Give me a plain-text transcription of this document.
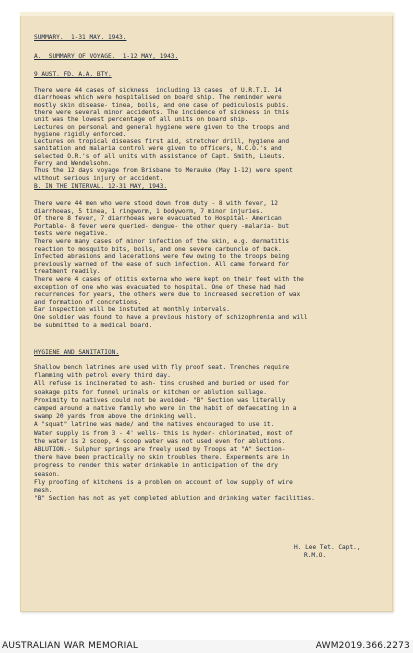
SUMMARY.  1-31 MAY. 1943.
A.  SUMMARY OF VOYAGE.  1-12 MAY, 1943.
9 AUST. FD. A.A. BTY.
There were 44 cases of sickness  including 13 cases  of U.R.T.I. 14
diarrhoeas which were hospitalised on board ship. The reminder were
mostly skin disease- tinea, boils, and one case of pediculosis pubis.
there were several minor accidents. The incidence of sickness in this
unit was the lowest percentage of all units on board ship.
Lectures on personal and general hygiene were given to the troops and
hygiene rigidly enforced.
Lectures on tropical diseases first aid, stretcher drill, hygiene and
sanitation and malaria control were given to officers, N.C.O.'s and
selected O.R.'s of all units with assistance of Capt. Smith, Lieuts.
Ferry and Wendelsohn.
Thus the 12 days voyage from Brisbane to Merauke (May 1-12) were spent
without serious injury or accident.
B. IN THE INTERVAL. 12-31 MAY, 1943.
There were 44 men who were stood down from duty - 8 with fever, 12
diarrhoeas, 5 tinea, 1 ringworm, 1 bodyworm, 7 minor injuries.
Of there 8 fever, 7 diarrhoeas were evacuated to Hospital- American
Portable- 8 fever were queried- dengue- the other query -malaria- but
tests were negative.
There were many cases of minor infection of the skin, e.g. dermatitis
reaction to mosquito bits, boils, and one severe carbuncle of back.
Infected abrasions and lacerations were few owing to the troops being
previously warned of the ease of such infection. All came forward for
treatment readily.
There were 4 cases of otitis externa who were kept on their feet with the
exception of one who was evacuated to hospital. One of these had had
recurrences for years, the others were due to increased secretion of wax
and formation of concretions.
Ear inspection will be instuted at monthly intervals.
One soldier was found to have a previous history of schizophrenia and will
be submitted to a medical board.
HYGIENE AND SANITATION.
Shallow bench latrines are used with fly proof seat. Trenches require
flamming with petrol every third day.
All refuse is incinerated to ash- tins crushed and buried or used for
soakage pits for funnel urinals or kitchen or ablution sullage.
Proximity to natives could not be avoided- "B" Section was literally
camped around a native family who were in the habit of defaecating in a
swamp 20 yards from above the drinking well.
A "squat" latrine was made/ and the natives encouraged to use it.
Water supply is from 3 - 4' wells- this is hyder- chlorinated, most of
the water is 2 scoop, 4 scoop water was not used even for ablutions.
ABLUTION.- Sulphur springs are freely used by Troops at "A" Section-
there have been practically no skin troubles there. Experments are in
progress to render this water drinkable in anticipation of the dry
season.
Fly proofing of kitchens is a problem on account of low supply of wire
mesh.
"B" Section has not as yet completed ablution and drinking water facilities.
H. Lee Tet. Capt.,
R.M.O.
AUSTRALIAN WAR MEMORIAL	AWM2019.366.2273
